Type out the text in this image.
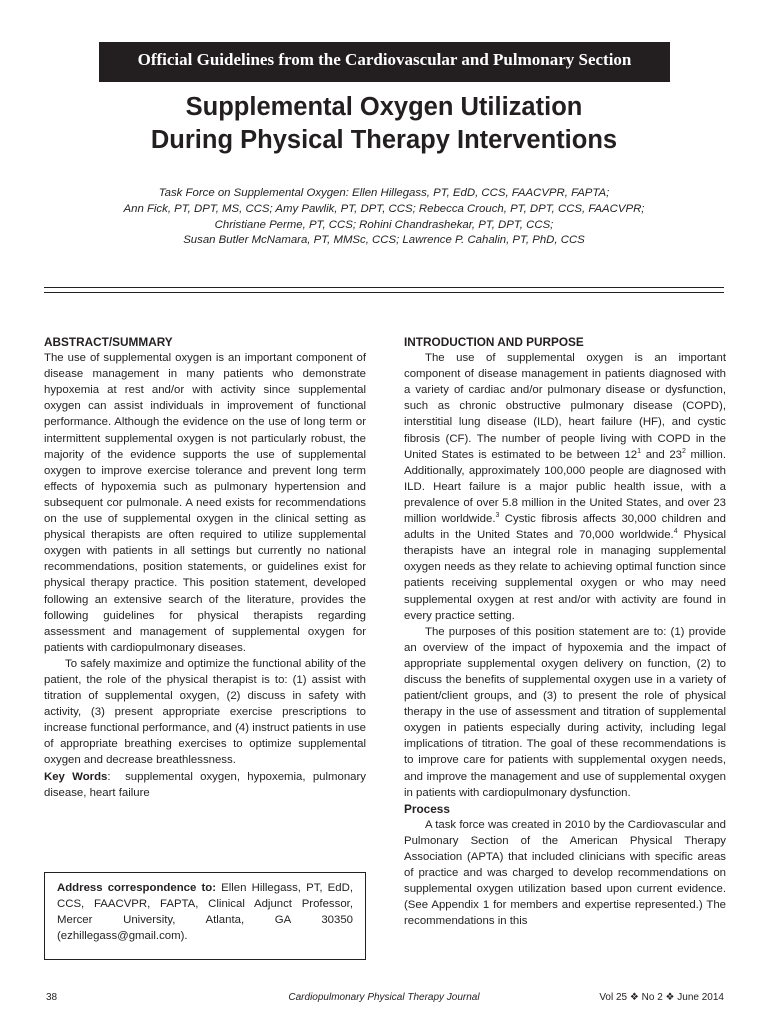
Official Guidelines from the Cardiovascular and Pulmonary Section
Supplemental Oxygen Utilization
During Physical Therapy Interventions
Task Force on Supplemental Oxygen: Ellen Hillegass, PT, EdD, CCS, FAACVPR, FAPTA;
Ann Fick, PT, DPT, MS, CCS; Amy Pawlik, PT, DPT, CCS; Rebecca Crouch, PT, DPT, CCS, FAACVPR;
Christiane Perme, PT, CCS; Rohini Chandrashekar, PT, DPT, CCS;
Susan Butler McNamara, PT, MMSc, CCS; Lawrence P. Cahalin, PT, PhD, CCS

ABSTRACT/SUMMARY

The use of supplemental oxygen is an important component of disease management in many patients who demonstrate hypoxemia at rest and/or with activity since supplemental oxygen can assist individuals in improvement of functional performance. Although the evidence on the use of long term or intermittent supplemental oxygen is not particularly robust, the majority of the evidence supports the use of supplemental oxygen to improve exercise tolerance and prevent long term effects of hypoxemia such as pulmonary hypertension and subsequent cor pulmonale. A need exists for recommendations on the use of supplemental oxygen in the clinical setting as physical therapists are often required to utilize supplemental oxygen with patients in all settings but currently no national recommendations, position statements, or guidelines exist for physical therapy practice. This position statement, developed following an extensive search of the literature, provides the following guidelines for physical therapists regarding assessment and management of supplemental oxygen for patients with cardiopulmonary diseases.

To safely maximize and optimize the functional ability of the patient, the role of the physical therapist is to: (1) assist with titration of supplemental oxygen, (2) discuss in safety with activity, (3) present appropriate exercise prescriptions to increase functional performance, and (4) instruct patients in use of appropriate breathing exercises to optimize supplemental oxygen and decrease breathlessness.

Key Words:  supplemental oxygen, hypoxemia, pulmonary disease, heart failure

Address correspondence to: Ellen Hillegass, PT, EdD, CCS, FAACVPR, FAPTA, Clinical Adjunct Professor, Mercer University, Atlanta, GA 30350 (ezhillegass@gmail.com).

INTRODUCTION AND PURPOSE

The use of supplemental oxygen is an important component of disease management in patients diagnosed with a variety of cardiac and/or pulmonary disease or dysfunction, such as chronic obstructive pulmonary disease (COPD), interstitial lung disease (ILD), heart failure (HF), and cystic fibrosis (CF). The number of people living with COPD in the United States is estimated to be between $12^1$ and $23^2$ million. Additionally, approximately 100,000 people are diagnosed with ILD. Heart failure is a major public health issue, with a prevalence of over 5.8 million in the United States, and over 23 million worldwide.$^3$ Cystic fibrosis affects 30,000 children and adults in the United States and 70,000 worldwide.$^4$ Physical therapists have an integral role in managing supplemental oxygen needs as they relate to achieving optimal function since patients receiving supplemental oxygen or who may need supplemental oxygen at rest and/or with activity are found in every practice setting.

The purposes of this position statement are to: (1) provide an overview of the impact of hypoxemia and the impact of appropriate supplemental oxygen delivery on function, (2) to discuss the benefits of supplemental oxygen use in a variety of patient/client groups, and (3) to present the role of physical therapy in the use of assessment and titration of supplemental oxygen in patients especially during activity, including legal implications of titration. The goal of these recommendations is to improve care for patients with supplemental oxygen needs, and improve the management and use of supplemental oxygen in patients with cardiopulmonary dysfunction.

Process

A task force was created in 2010 by the Cardiovascular and Pulmonary Section of the American Physical Therapy Association (APTA) that included clinicians with specific areas of practice and was charged to develop recommendations on supplemental oxygen utilization based upon current evidence. (See Appendix 1 for members and expertise represented.) The recommendations in this

38	Cardiopulmonary Physical Therapy Journal	Vol 25 ❖ No 2 ❖ June 2014
